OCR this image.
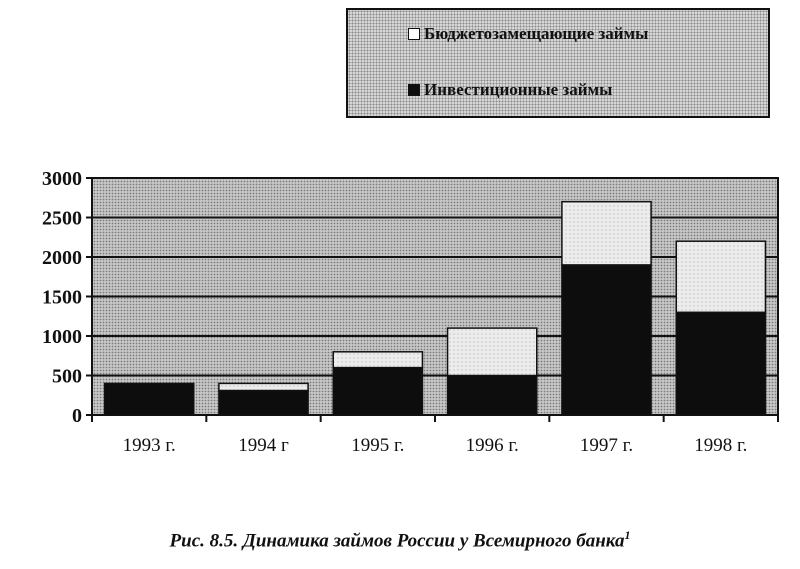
Бюджетозамещающие займы
Инвестиционные займы
3000
2500
2000
1500
1000
500
0
1993 г.	1994 г	1995 г.	1996 г.	1997 г.	1998 г.
Рис. 8.5. Динамика займов России у Всемирного банка$^1$
